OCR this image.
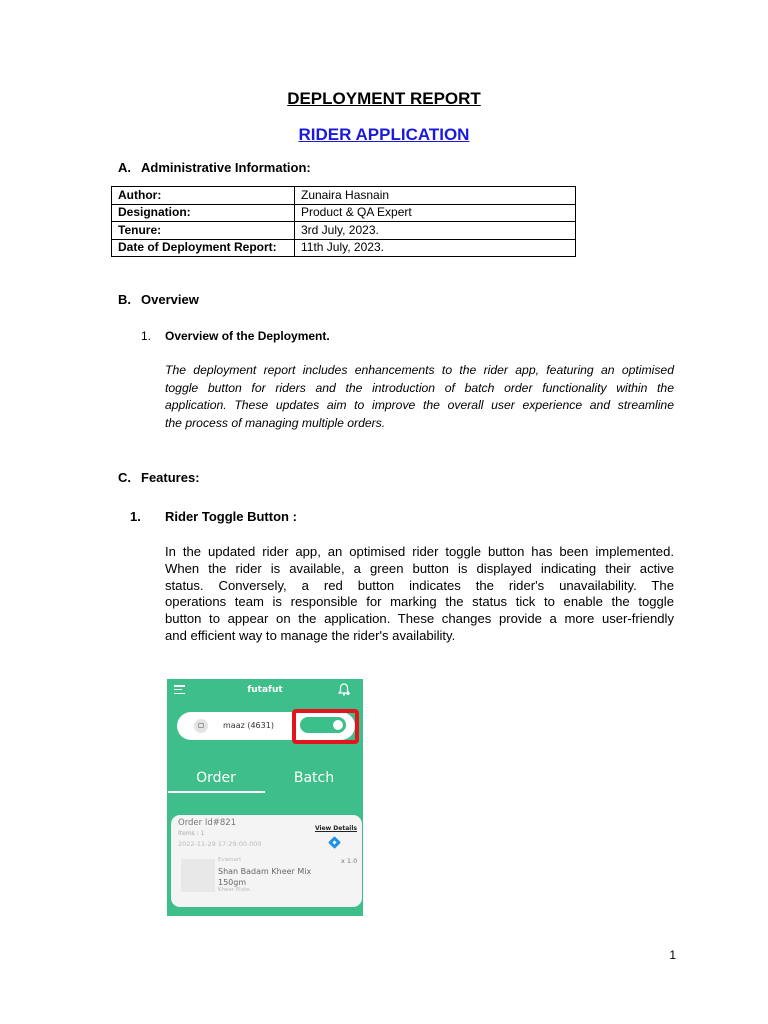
DEPLOYMENT REPORT
RIDER APPLICATION
A. Administrative Information:
Author:	Zunaira Hasnain
Designation:	Product & QA Expert
Tenure:	3rd July, 2023.
Date of Deployment Report:	11th July, 2023.
B. Overview
1. Overview of the Deployment.
The deployment report includes enhancements to the rider app, featuring an optimised
toggle button for riders and the introduction of batch order functionality within the
application. These updates aim to improve the overall user experience and streamline
the process of managing multiple orders.
C. Features:
1. Rider Toggle Button :
In the updated rider app, an optimised rider toggle button has been implemented.
When the rider is available, a green button is displayed indicating their active
status. Conversely, a red button indicates the rider's unavailability. The
operations team is responsible for marking the status tick to enable the toggle
button to appear on the application. These changes provide a more user-friendly
and efficient way to manage the rider's availability.
futafut
maaz (4631)
Order	Batch
Order Id#821
Items : 1
2022-11-29 17:29:00.000
View Details
Evamart	x 1.0
Shan Badam Kheer Mix 150gm
Kheer Plate.
1
